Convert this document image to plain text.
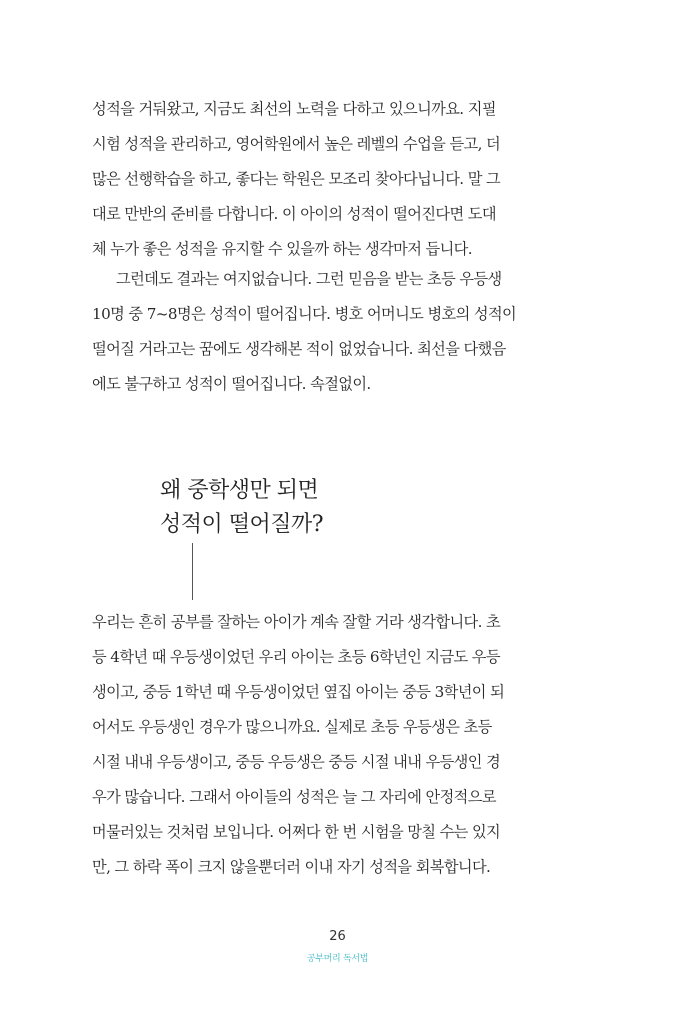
성적을 거둬왔고, 지금도 최선의 노력을 다하고 있으니까요. 지필
시험 성적을 관리하고, 영어학원에서 높은 레벨의 수업을 듣고, 더
많은 선행학습을 하고, 좋다는 학원은 모조리 찾아다닙니다. 말 그
대로 만반의 준비를 다합니다. 이 아이의 성적이 떨어진다면 도대
체 누가 좋은 성적을 유지할 수 있을까 하는 생각마저 듭니다.
그런데도 결과는 여지없습니다. 그런 믿음을 받는 초등 우등생
10명 중 7~8명은 성적이 떨어집니다. 병호 어머니도 병호의 성적이
떨어질 거라고는 꿈에도 생각해본 적이 없었습니다. 최선을 다했음
에도 불구하고 성적이 떨어집니다. 속절없이.
왜 중학생만 되면
성적이 떨어질까?
우리는 흔히 공부를 잘하는 아이가 계속 잘할 거라 생각합니다. 초
등 4학년 때 우등생이었던 우리 아이는 초등 6학년인 지금도 우등
생이고, 중등 1학년 때 우등생이었던 옆집 아이는 중등 3학년이 되
어서도 우등생인 경우가 많으니까요. 실제로 초등 우등생은 초등
시절 내내 우등생이고, 중등 우등생은 중등 시절 내내 우등생인 경
우가 많습니다. 그래서 아이들의 성적은 늘 그 자리에 안정적으로
머물러있는 것처럼 보입니다. 어쩌다 한 번 시험을 망칠 수는 있지
만, 그 하락 폭이 크지 않을뿐더러 이내 자기 성적을 회복합니다.
26
공부머리 독서법
